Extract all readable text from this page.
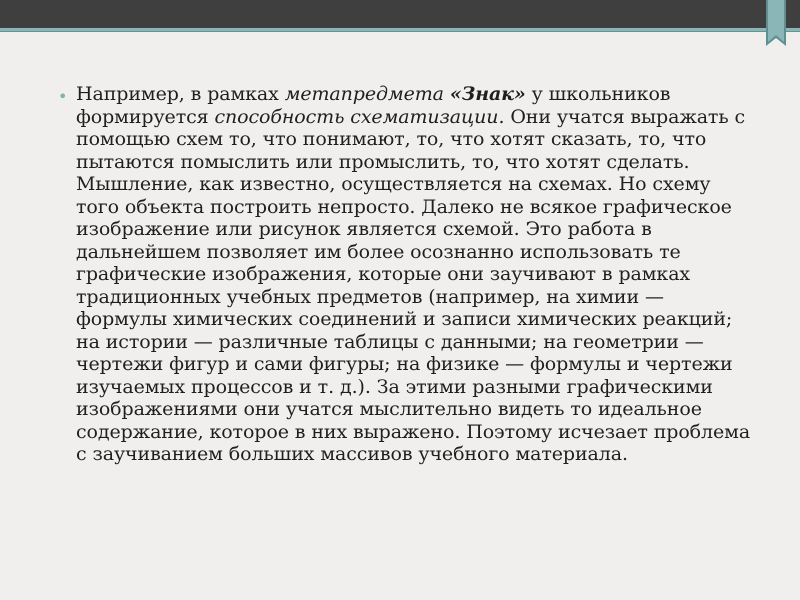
• Например, в рамках метапредмета «Знак» у школьников формируется способность схематизации. Они учатся выражать с помощью схем то, что понимают, то, что хотят сказать, то, что пытаются помыслить или промыслить, то, что хотят сделать. Мышление, как известно, осуществляется на схемах. Но схему того объекта построить непросто. Далеко не всякое графическое изображение или рисунок является схемой. Это работа в дальнейшем позволяет им более осознанно использовать те графические изображения, которые они заучивают в рамках традиционных учебных предметов (например, на химии — формулы химических соединений и записи химических реакций; на истории — различные таблицы с данными; на геометрии — чертежи фигур и сами фигуры; на физике — формулы и чертежи изучаемых процессов и т. д.). За этими разными графическими изображениями они учатся мыслительно видеть то идеальное содержание, которое в них выражено. Поэтому исчезает проблема с заучиванием больших массивов учебного материала.
